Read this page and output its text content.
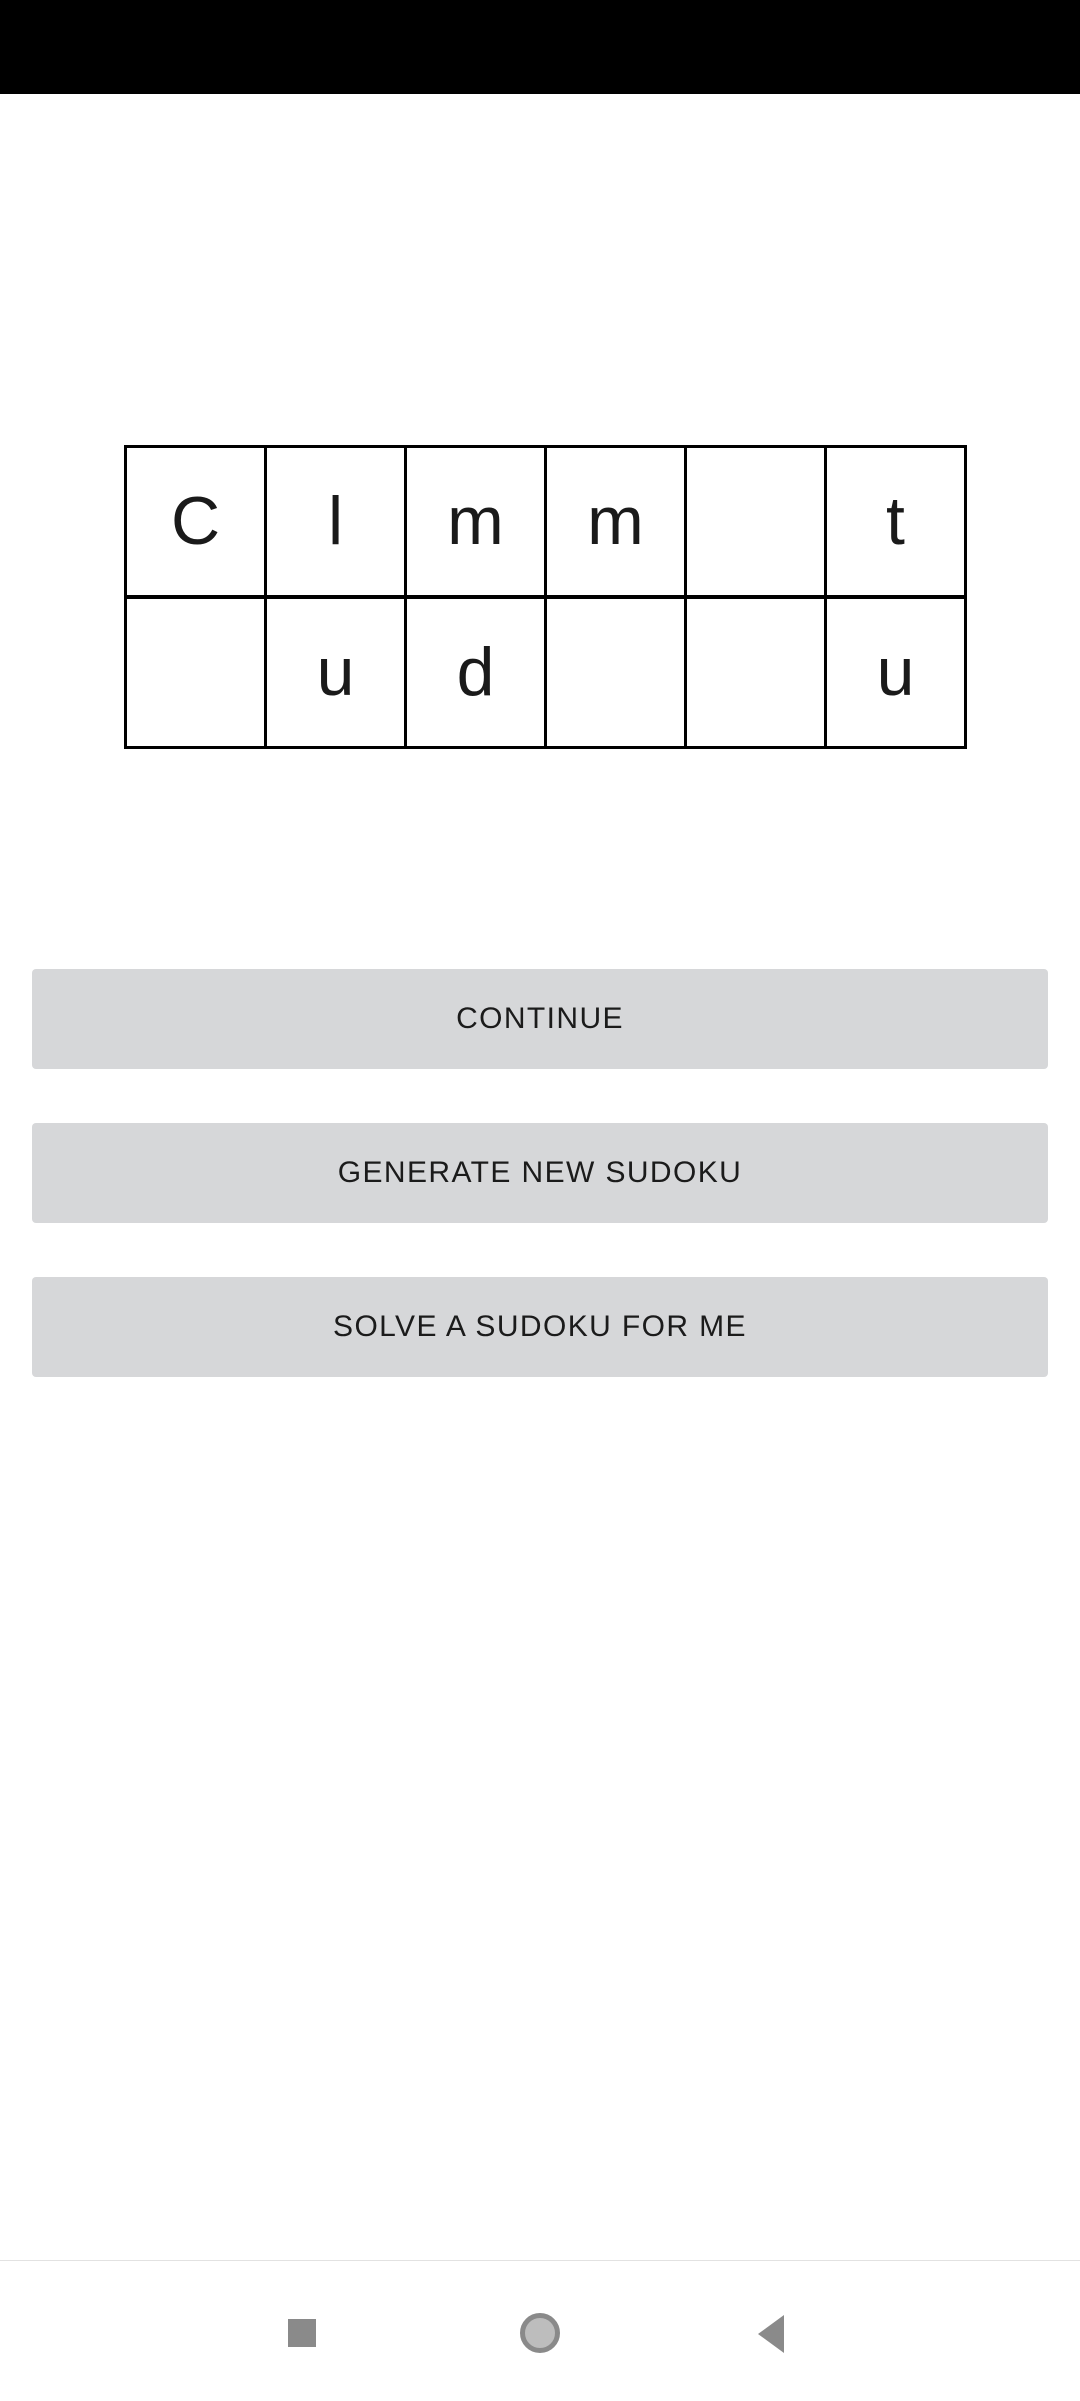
C	l	m	m		t
	u	d			u
CONTINUE
GENERATE NEW SUDOKU
SOLVE A SUDOKU FOR ME
